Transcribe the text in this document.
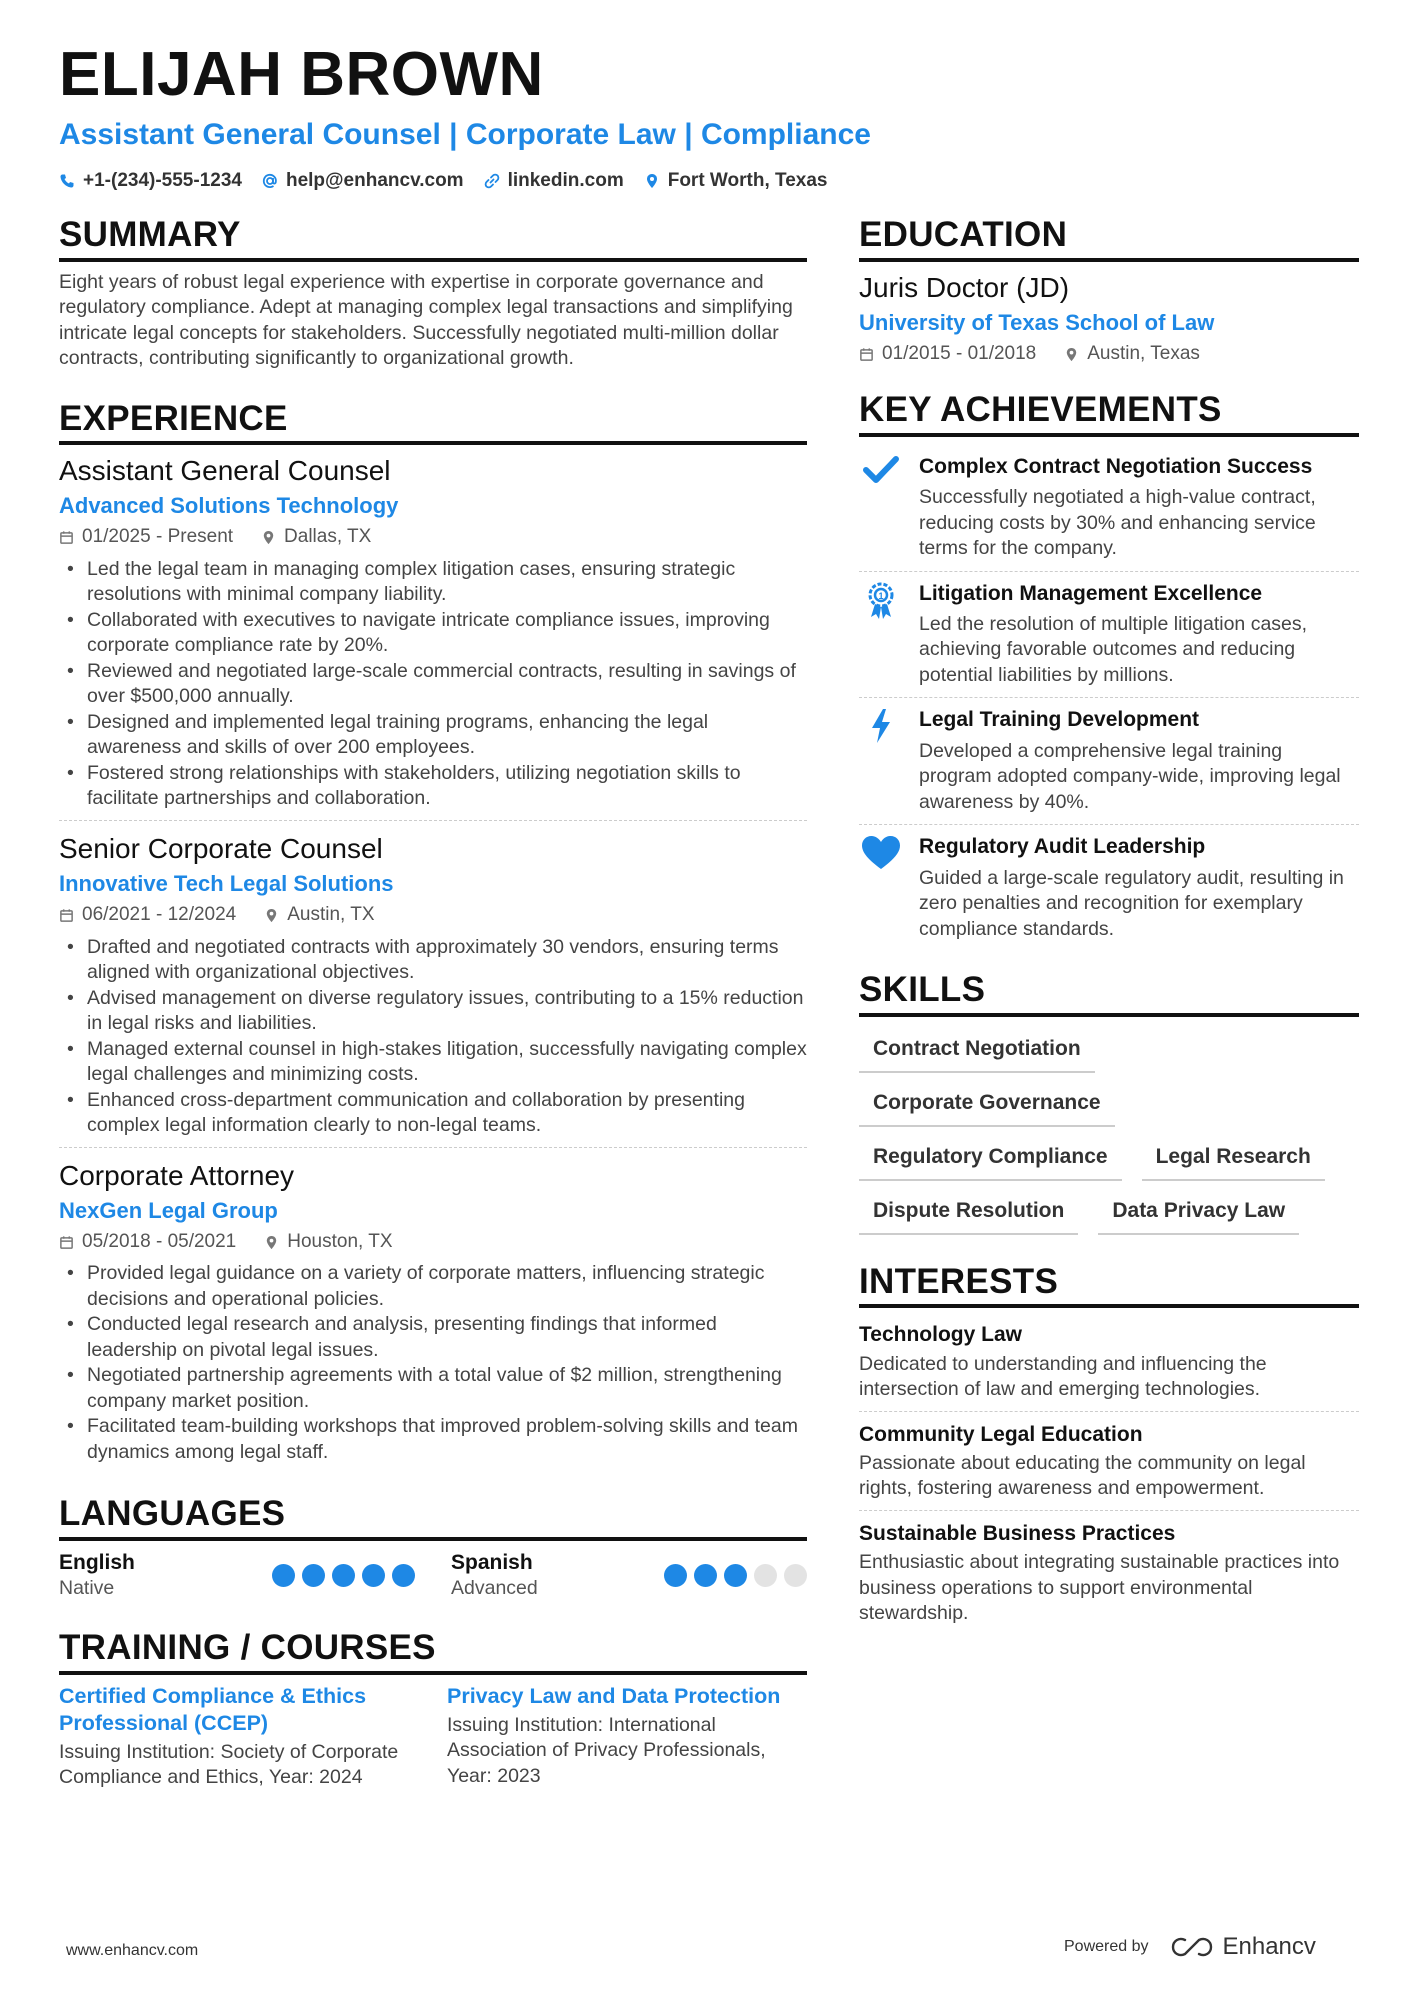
ELIJAH BROWN
Assistant General Counsel | Corporate Law | Compliance
+1-(234)-555-1234 help@enhancv.com linkedin.com Fort Worth, Texas
SUMMARY
Eight years of robust legal experience with expertise in corporate governance and regulatory compliance. Adept at managing complex legal transactions and simplifying intricate legal concepts for stakeholders. Successfully negotiated multi-million dollar contracts, contributing significantly to organizational growth.
EXPERIENCE
Assistant General Counsel
Advanced Solutions Technology
01/2025 - Present	Dallas, TX
• Led the legal team in managing complex litigation cases, ensuring strategic resolutions with minimal company liability.
• Collaborated with executives to navigate intricate compliance issues, improving corporate compliance rate by 20%.
• Reviewed and negotiated large-scale commercial contracts, resulting in savings of over $500,000 annually.
• Designed and implemented legal training programs, enhancing the legal awareness and skills of over 200 employees.
• Fostered strong relationships with stakeholders, utilizing negotiation skills to facilitate partnerships and collaboration.
Senior Corporate Counsel
Innovative Tech Legal Solutions
06/2021 - 12/2024	Austin, TX
• Drafted and negotiated contracts with approximately 30 vendors, ensuring terms aligned with organizational objectives.
• Advised management on diverse regulatory issues, contributing to a 15% reduction in legal risks and liabilities.
• Managed external counsel in high-stakes litigation, successfully navigating complex legal challenges and minimizing costs.
• Enhanced cross-department communication and collaboration by presenting complex legal information clearly to non-legal teams.
Corporate Attorney
NexGen Legal Group
05/2018 - 05/2021	Houston, TX
• Provided legal guidance on a variety of corporate matters, influencing strategic decisions and operational policies.
• Conducted legal research and analysis, presenting findings that informed leadership on pivotal legal issues.
• Negotiated partnership agreements with a total value of $2 million, strengthening company market position.
• Facilitated team-building workshops that improved problem-solving skills and team dynamics among legal staff.
LANGUAGES
English
Native
Spanish
Advanced
TRAINING / COURSES
Certified Compliance & Ethics Professional (CCEP)
Issuing Institution: Society of Corporate Compliance and Ethics, Year: 2024
Privacy Law and Data Protection
Issuing Institution: International Association of Privacy Professionals, Year: 2023
EDUCATION
Juris Doctor (JD)
University of Texas School of Law
01/2015 - 01/2018	Austin, Texas
KEY ACHIEVEMENTS
Complex Contract Negotiation Success
Successfully negotiated a high-value contract, reducing costs by 30% and enhancing service terms for the company.
1 Litigation Management Excellence
Led the resolution of multiple litigation cases, achieving favorable outcomes and reducing potential liabilities by millions.
Legal Training Development
Developed a comprehensive legal training program adopted company-wide, improving legal awareness by 40%.
Regulatory Audit Leadership
Guided a large-scale regulatory audit, resulting in zero penalties and recognition for exemplary compliance standards.
SKILLS
Contract Negotiation
Corporate Governance
Regulatory Compliance	Legal Research
Dispute Resolution	Data Privacy Law
INTERESTS
Technology Law
Dedicated to understanding and influencing the intersection of law and emerging technologies.
Community Legal Education
Passionate about educating the community on legal rights, fostering awareness and empowerment.
Sustainable Business Practices
Enthusiastic about integrating sustainable practices into business operations to support environmental stewardship.
www.enhancv.com	Powered by	Enhancv
